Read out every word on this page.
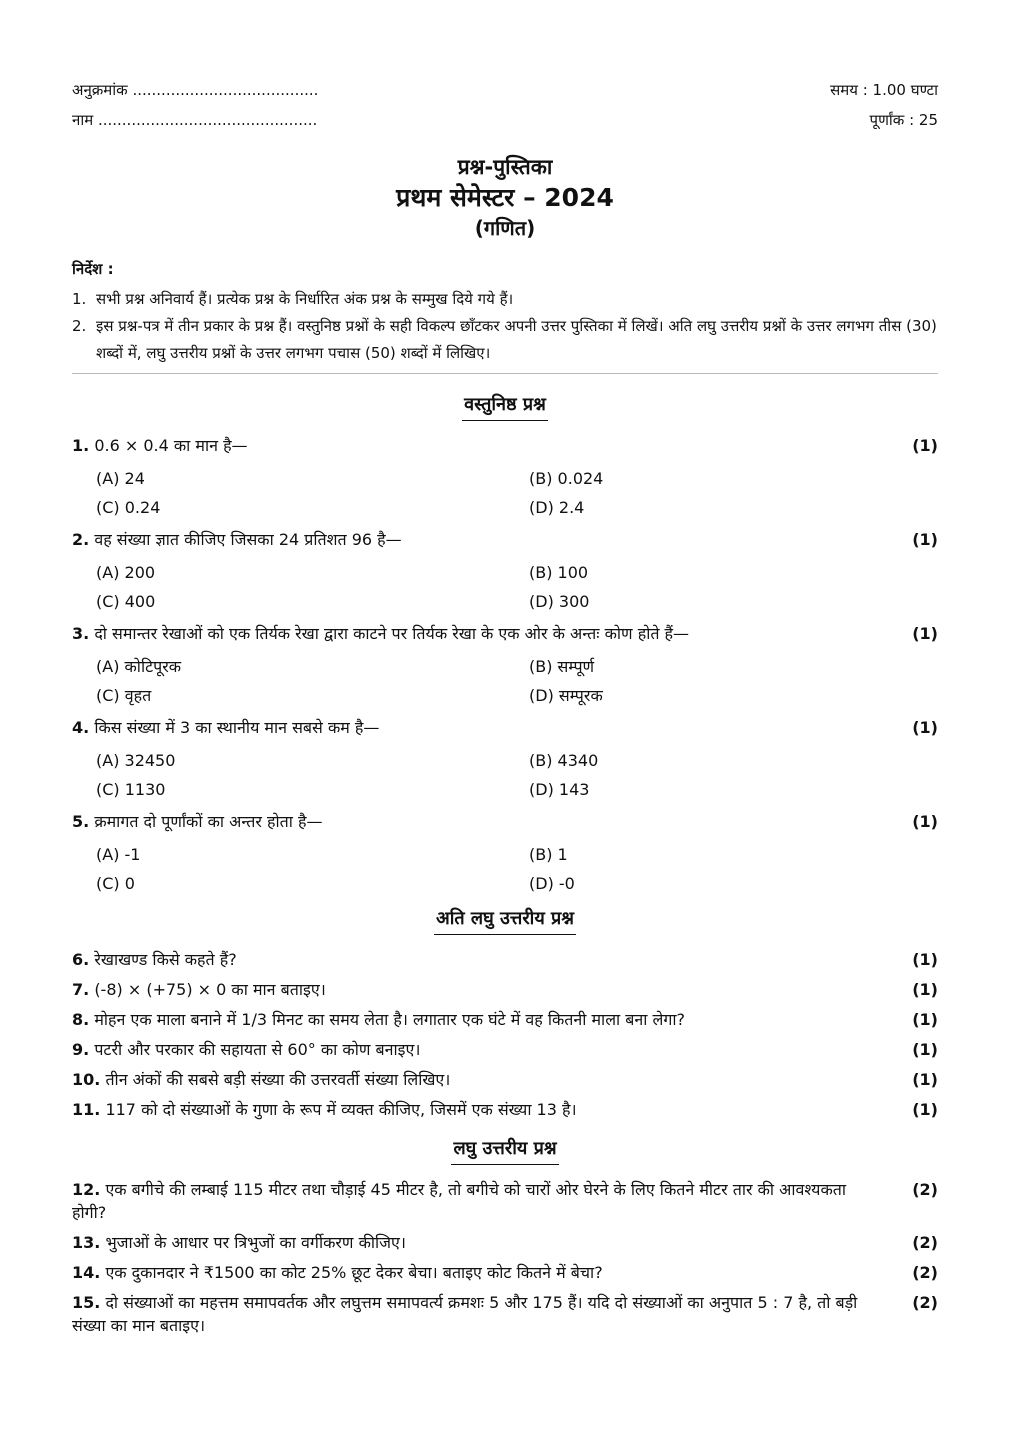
अनुक्रमांक .......................................	समय : 1.00 घण्टा
नाम ..............................................	पूर्णांक : 25
प्रश्न-पुस्तिका
प्रथम सेमेस्टर – 2024
(गणित)
निर्देश :
1. सभी प्रश्न अनिवार्य हैं। प्रत्येक प्रश्न के निर्धारित अंक प्रश्न के सम्मुख दिये गये हैं।
2. इस प्रश्न-पत्र में तीन प्रकार के प्रश्न हैं। वस्तुनिष्ठ प्रश्नों के सही विकल्प छाँटकर अपनी उत्तर पुस्तिका में लिखें। अति लघु उत्तरीय प्रश्नों के उत्तर लगभग तीस (30) शब्दों में, लघु उत्तरीय प्रश्नों के उत्तर लगभग पचास (50) शब्दों में लिखिए।
वस्तुनिष्ठ प्रश्न
1. 0.6 × 0.4 का मान है—	(1)
(A) 24	(B) 0.024
(C) 0.24	(D) 2.4
2. वह संख्या ज्ञात कीजिए जिसका 24 प्रतिशत 96 है—	(1)
(A) 200	(B) 100
(C) 400	(D) 300
3. दो समान्तर रेखाओं को एक तिर्यक रेखा द्वारा काटने पर तिर्यक रेखा के एक ओर के अन्तः कोण होते हैं—	(1)
(A) कोटिपूरक	(B) सम्पूर्ण
(C) वृहत	(D) सम्पूरक
4. किस संख्या में 3 का स्थानीय मान सबसे कम है—	(1)
(A) 32450	(B) 4340
(C) 1130	(D) 143
5. क्रमागत दो पूर्णांकों का अन्तर होता है—	(1)
(A) -1	(B) 1
(C) 0	(D) -0
अति लघु उत्तरीय प्रश्न
6. रेखाखण्ड किसे कहते हैं?	(1)
7. (-8) × (+75) × 0 का मान बताइए।	(1)
8. मोहन एक माला बनाने में 1/3 मिनट का समय लेता है। लगातार एक घंटे में वह कितनी माला बना लेगा?	(1)
9. पटरी और परकार की सहायता से 60° का कोण बनाइए।	(1)
10. तीन अंकों की सबसे बड़ी संख्या की उत्तरवर्ती संख्या लिखिए।	(1)
11. 117 को दो संख्याओं के गुणा के रूप में व्यक्त कीजिए, जिसमें एक संख्या 13 है।	(1)
लघु उत्तरीय प्रश्न
12. एक बगीचे की लम्बाई 115 मीटर तथा चौड़ाई 45 मीटर है, तो बगीचे को चारों ओर घेरने के लिए कितने मीटर तार की आवश्यकता होगी?
(2)
13. भुजाओं के आधार पर त्रिभुजों का वर्गीकरण कीजिए।	(2)
14. एक दुकानदार ने ₹1500 का कोट 25% छूट देकर बेचा। बताइए कोट कितने में बेचा?	(2)
15. दो संख्याओं का महत्तम समापवर्तक और लघुत्तम समापवर्त्य क्रमशः 5 और 175 हैं। यदि दो संख्याओं का अनुपात 5 : 7 है, तो बड़ी संख्या का मान बताइए।
(2)
